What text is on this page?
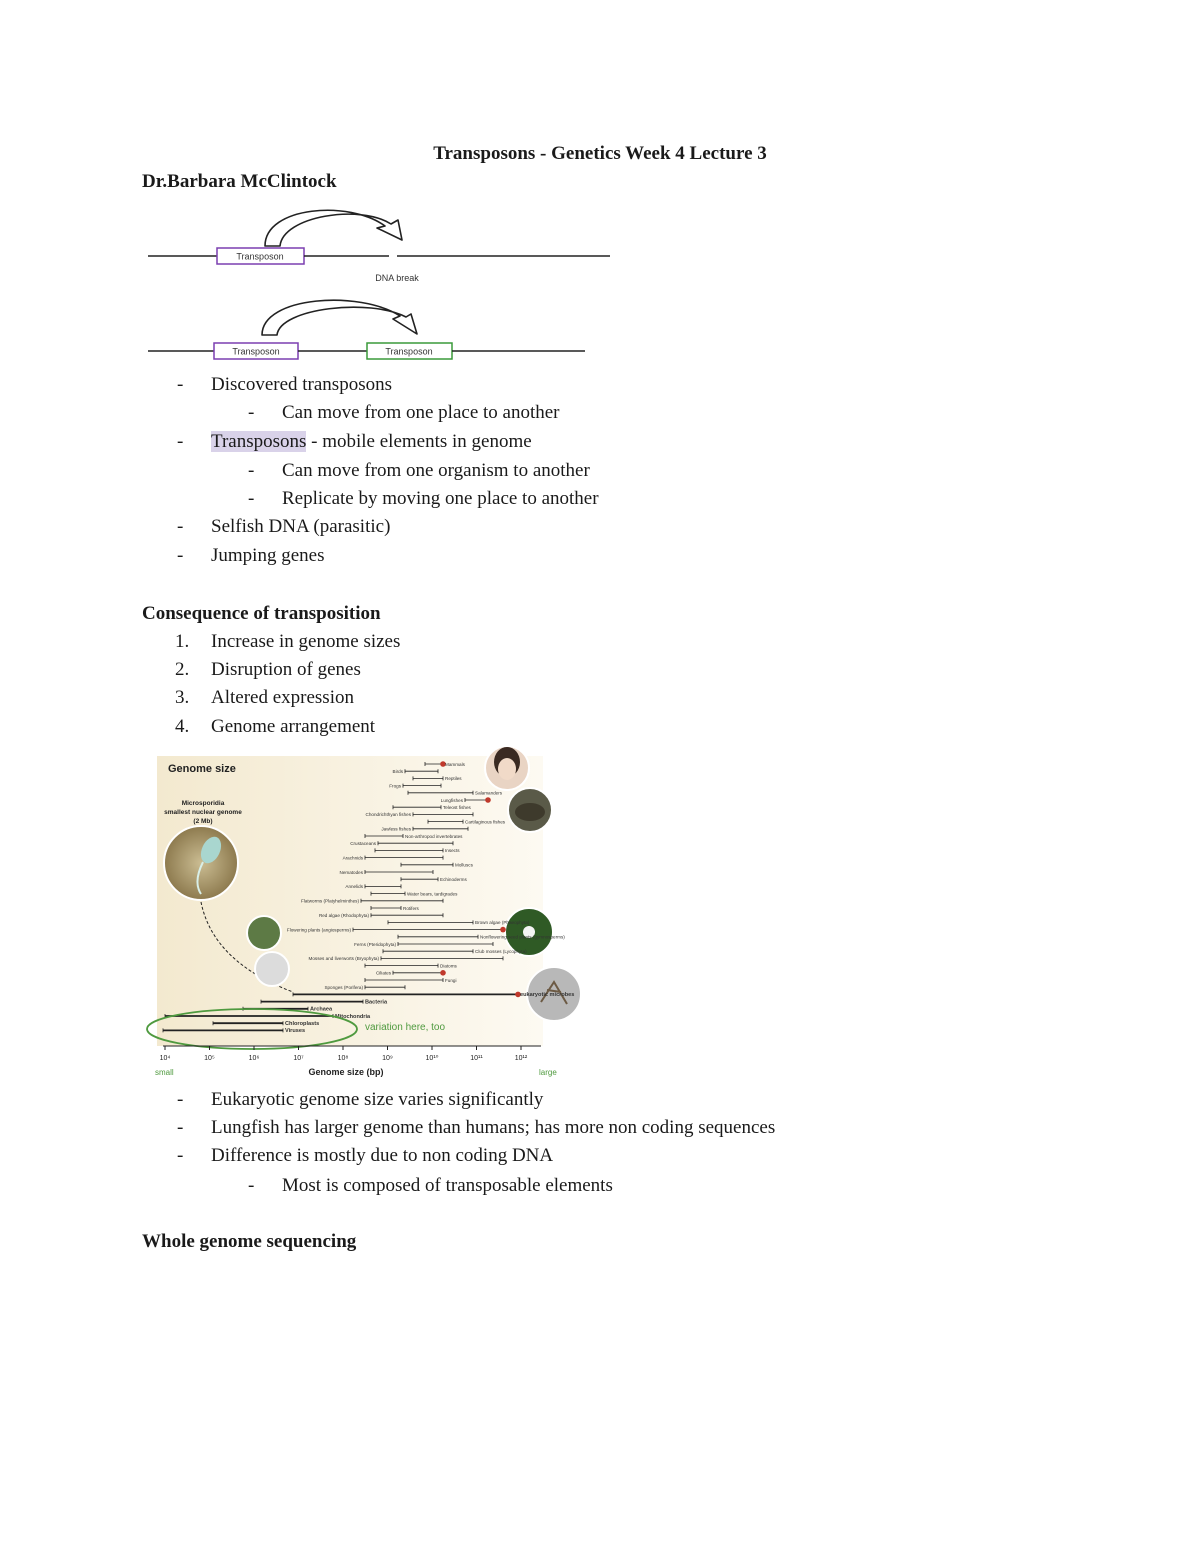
Transposons - Genetics Week 4 Lecture 3
Dr.Barbara McClintock
Transposon
DNA break
Transposon	Transposon
- Discovered transposons
- Can move from one place to another
- Transposons - mobile elements in genome
- Can move from one organism to another
- Replicate by moving one place to another
- Selfish DNA (parasitic)
- Jumping genes
Consequence of transposition
1. Increase in genome sizes
2. Disruption of genes
3. Altered expression
4. Genome arrangement
Genome size
Microsporidia
smallest nuclear genome
(2 Mb)
Mammals
Birds
Reptiles
Frogs
Salamanders
Lungfishes
Teleost fishes
Chondrichthyan fishes
Cartilaginous fishes
Jawless fishes
Non-arthropod invertebrates
Crustaceans
Insects
Arachnids
Molluscs
Nematodes
Echinoderms
Annelids
Water bears, tardigrades
Flatworms (Platyhelminthes)
Rotifers
Red algae (Rhodophyta)
Brown algae (Phaeophyta)
Flowering plants (angiosperms)
Nonflowering seed plants (gymnosperms)
Ferns (Pteridophyta)
Club mosses (Lycophyta)
Mosses and liverworts (Bryophyta)
Diatoms
Ciliates
Fungi
Sponges (Porifera)
eukaryotic microbes
Bacteria
Archaea
Mitochondria
Chloroplasts
Viruses	variation here, too
10⁴	10⁵	10⁶	10⁷	10⁸	10⁹	10¹⁰	10¹¹	10¹²
small	large
Genome size (bp)
- Eukaryotic genome size varies significantly
- Lungfish has larger genome than humans; has more non coding sequences
- Difference is mostly due to non coding DNA
- Most is composed of transposable elements
Whole genome sequencing
